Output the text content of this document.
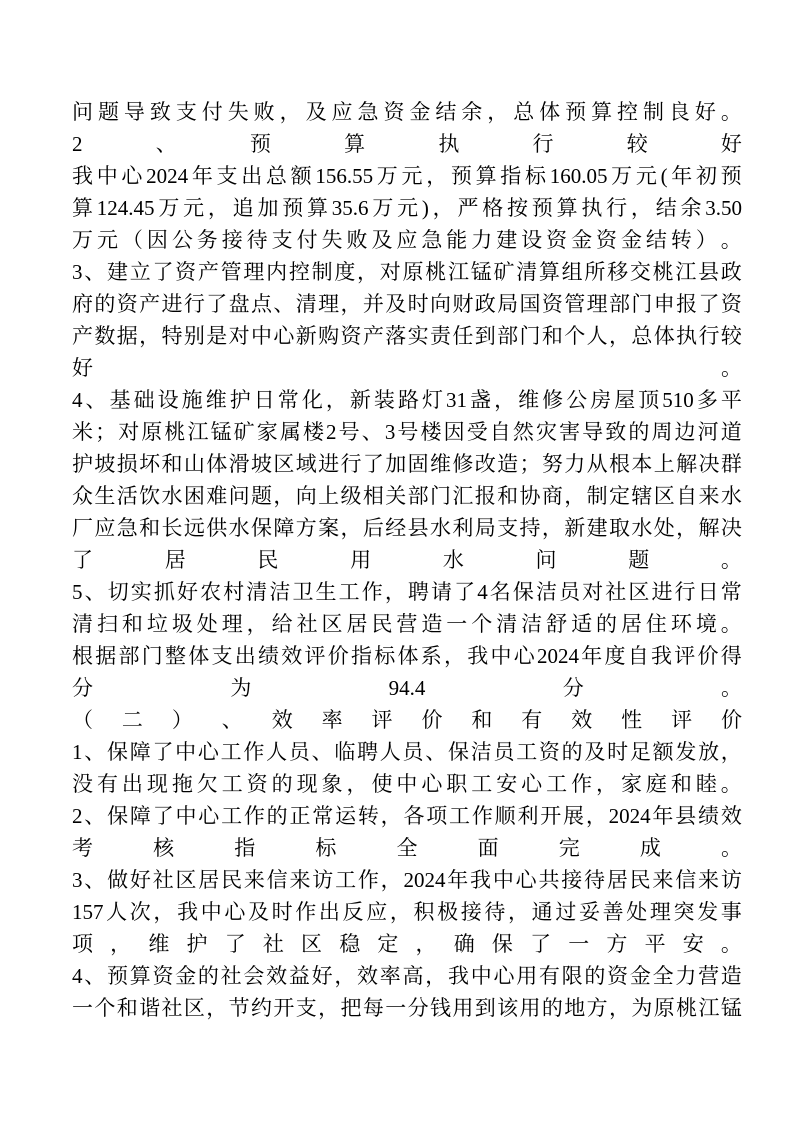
问 题 导 致 支 付 失 败 ， 及 应 急 资 金 结 余 ， 总 体 预 算 控 制 良 好 。
2	、	预	算	执	行	较	好
我 中 心 2024 年 支 出 总 额 156.55 万 元 ， 预 算 指 标 160.05 万 元 ( 年 初 预
算 124.45 万 元 ， 追 加 预 算 35.6 万 元 ) ， 严 格 按 预 算 执 行 ， 结 余 3.50
万 元 （ 因 公 务 接 待 支 付 失 败 及 应 急 能 力 建 设 资 金 资 金 结 转 ） 。
3 、 建 立 了 资 产 管 理 内 控 制 度 ， 对 原 桃 江 锰 矿 清 算 组 所 移 交 桃 江 县 政
府 的 资 产 进 行 了 盘 点 、 清 理 ， 并 及 时 向 财 政 局 国 资 管 理 部 门 申 报 了 资
产 数 据 ， 特 别 是 对 中 心 新 购 资 产 落 实 责 任 到 部 门 和 个 人 ， 总 体 执 行 较
好	。
4 、 基 础 设 施 维 护 日 常 化 ， 新 装 路 灯 31 盏 ， 维 修 公 房 屋 顶 510 多 平
米 ； 对 原 桃 江 锰 矿 家 属 楼 2 号 、 3 号 楼 因 受 自 然 灾 害 导 致 的 周 边 河 道
护 坡 损 坏 和 山 体 滑 坡 区 域 进 行 了 加 固 维 修 改 造 ； 努 力 从 根 本 上 解 决 群
众 生 活 饮 水 困 难 问 题 ， 向 上 级 相 关 部 门 汇 报 和 协 商 ， 制 定 辖 区 自 来 水
厂 应 急 和 长 远 供 水 保 障 方 案 ， 后 经 县 水 利 局 支 持 ， 新 建 取 水 处 ， 解 决
了	居	民	用	水	问	题	。
5 、 切 实 抓 好 农 村 清 洁 卫 生 工 作 ， 聘 请 了 4 名 保 洁 员 对 社 区 进 行 日 常
清 扫 和 垃 圾 处 理 ， 给 社 区 居 民 营 造 一 个 清 洁 舒 适 的 居 住 环 境 。
根 据 部 门 整 体 支 出 绩 效 评 价 指 标 体 系 ， 我 中 心 2024 年 度 自 我 评 价 得
分	为	94.4	分	。
（ 二 ） 、 效 率 评 价 和 有 效 性 评 价
1 、 保 障 了 中 心 工 作 人 员 、 临 聘 人 员 、 保 洁 员 工 资 的 及 时 足 额 发 放 ，
没 有 出 现 拖 欠 工 资 的 现 象 ， 使 中 心 职 工 安 心 工 作 ， 家 庭 和 睦 。
2 、 保 障 了 中 心 工 作 的 正 常 运 转 ， 各 项 工 作 顺 利 开 展 ， 2024 年 县 绩 效
考	核	指	标	全	面	完	成	。
3 、 做 好 社 区 居 民 来 信 来 访 工 作 ， 2024 年 我 中 心 共 接 待 居 民 来 信 来 访
157 人 次 ， 我 中 心 及 时 作 出 反 应 ， 积 极 接 待 ， 通 过 妥 善 处 理 突 发 事
项 ， 维 护 了 社 区 稳 定 ， 确 保 了 一 方 平 安 。
4 、 预 算 资 金 的 社 会 效 益 好 ， 效 率 高 ， 我 中 心 用 有 限 的 资 金 全 力 营 造
一 个 和 谐 社 区 ， 节 约 开 支 ， 把 每 一 分 钱 用 到 该 用 的 地 方 ， 为 原 桃 江 锰
